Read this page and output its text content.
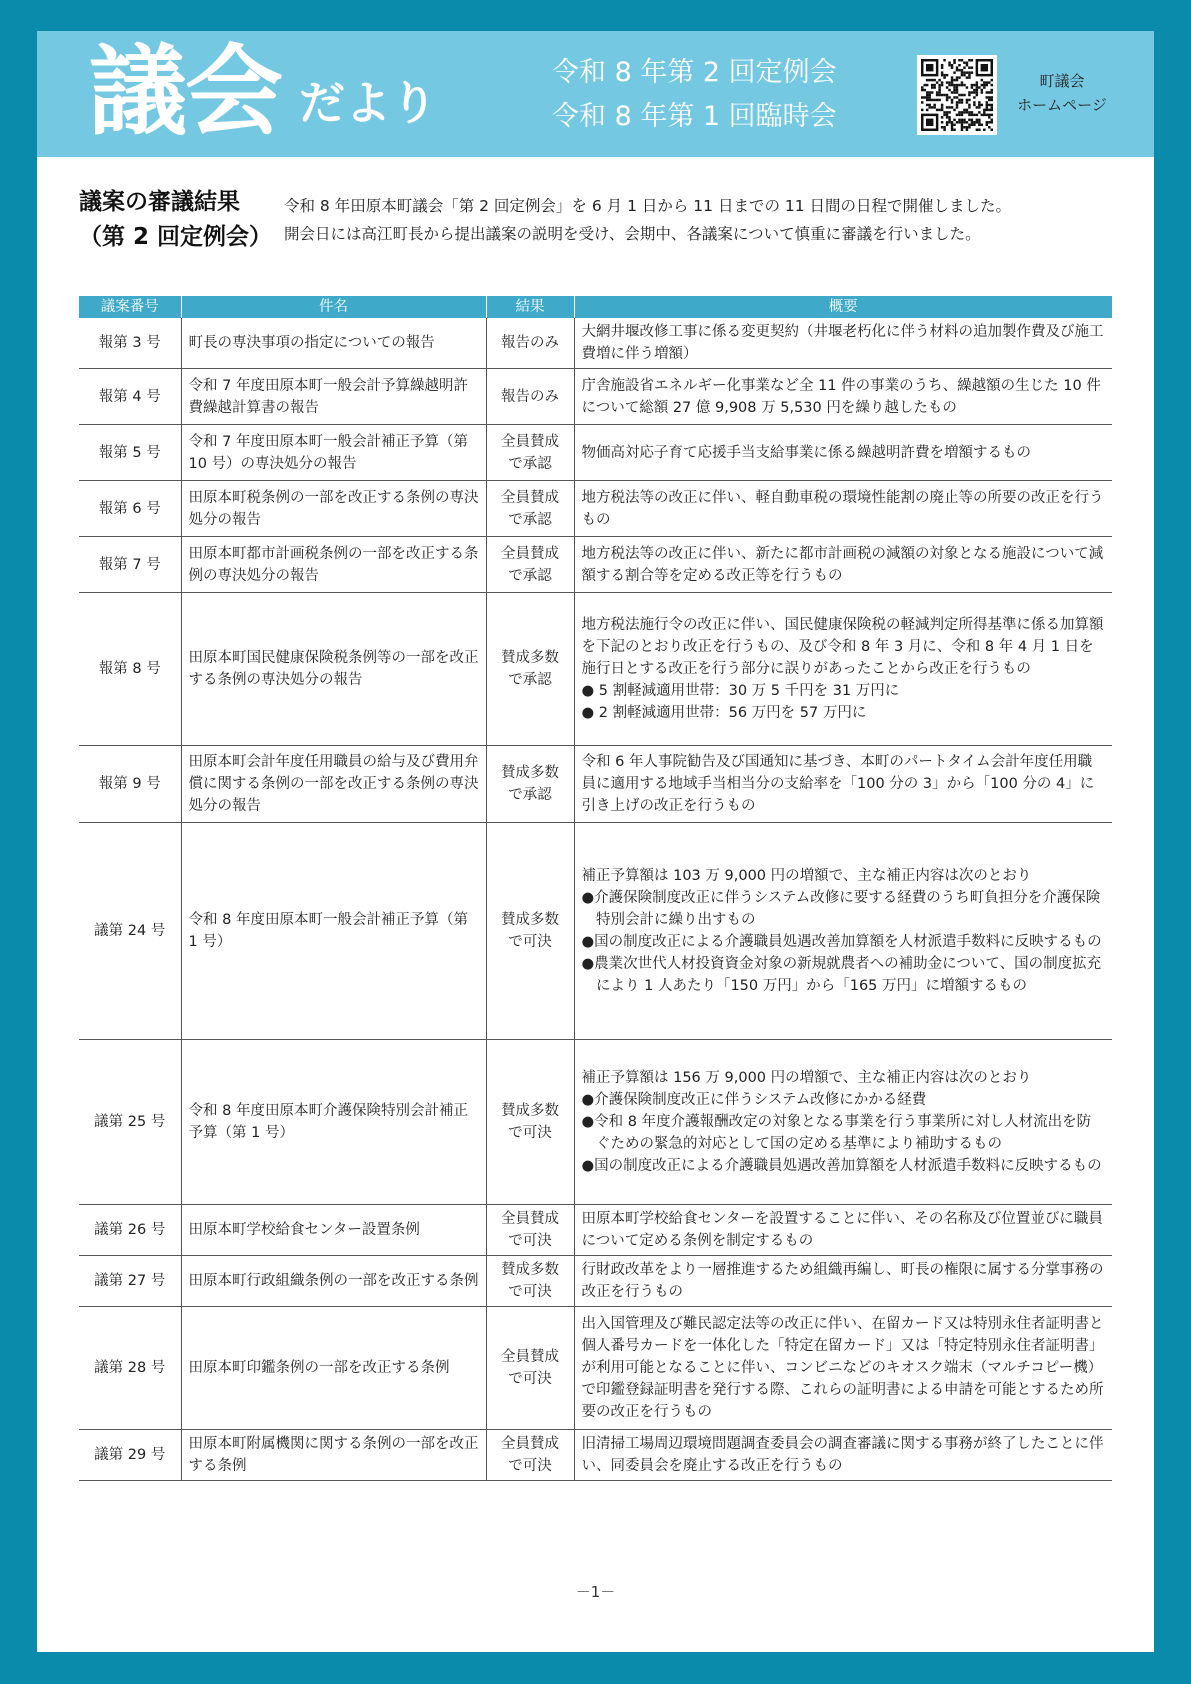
議会 だより
令和 8 年第 2 回定例会
令和 8 年第 1 回臨時会
町議会
ホームページ
議案の審議結果
（第 2 回定例会）
令和 8 年田原本町議会「第 2 回定例会」を 6 月 1 日から 11 日までの 11 日間の日程で開催しました。
開会日には高江町長から提出議案の説明を受け、会期中、各議案について慎重に審議を行いました。
議案番号	件名	結果	概要
報第 3 号	町長の専決事項の指定についての報告	報告のみ	大網井堰改修工事に係る変更契約（井堰老朽化に伴う材料の追加製作費及び施工費増に伴う増額）

報第 4 号	令和 7 年度田原本町一般会計予算繰越明許費繰越計算書の報告	報告のみ	庁舎施設省エネルギー化事業など全 11 件の事業のうち、繰越額の生じた 10 件について総額 27 億 9,908 万 5,530 円を繰り越したもの

報第 5 号	令和 7 年度田原本町一般会計補正予算（第 10 号）の専決処分の報告	全員賛成で承認	物価高対応子育て応援手当支給事業に係る繰越明許費を増額するもの

報第 6 号	田原本町税条例の一部を改正する条例の専決処分の報告	全員賛成で承認	地方税法等の改正に伴い、軽自動車税の環境性能割の廃止等の所要の改正を行うもの

報第 7 号	田原本町都市計画税条例の一部を改正する条例の専決処分の報告	全員賛成で承認	地方税法等の改正に伴い、新たに都市計画税の減額の対象となる施設について減額する割合等を定める改正等を行うもの

報第 8 号	田原本町国民健康保険税条例等の一部を改正する条例の専決処分の報告	賛成多数で承認	地方税法施行令の改正に伴い、国民健康保険税の軽減判定所得基準に係る加算額を下記のとおり改正を行うもの、及び令和 8 年 3 月に、令和 8 年 4 月 1 日を施行日とする改正を行う部分に誤りがあったことから改正を行うもの
● 5 割軽減適用世帯：30 万 5 千円を 31 万円に
● 2 割軽減適用世帯：56 万円を 57 万円に

報第 9 号	田原本町会計年度任用職員の給与及び費用弁償に関する条例の一部を改正する条例の専決処分の報告	賛成多数で承認	令和 6 年人事院勧告及び国通知に基づき、本町のパートタイム会計年度任用職員に適用する地域手当相当分の支給率を「100 分の 3」から「100 分の 4」に引き上げの改正を行うもの

議第 24 号	令和 8 年度田原本町一般会計補正予算（第 1 号）	賛成多数で可決	補正予算額は 103 万 9,000 円の増額で、主な補正内容は次のとおり
●介護保険制度改正に伴うシステム改修に要する経費のうち町負担分を介護保険特別会計に繰り出すもの
●国の制度改正による介護職員処遇改善加算額を人材派遣手数料に反映するもの
●農業次世代人材投資資金対象の新規就農者への補助金について、国の制度拡充により 1 人あたり「150 万円」から「165 万円」に増額するもの

議第 25 号	令和 8 年度田原本町介護保険特別会計補正予算（第 1 号）	賛成多数で可決	補正予算額は 156 万 9,000 円の増額で、主な補正内容は次のとおり
●介護保険制度改正に伴うシステム改修にかかる経費
●令和 8 年度介護報酬改定の対象となる事業を行う事業所に対し人材流出を防ぐための緊急的対応として国の定める基準により補助するもの
●国の制度改正による介護職員処遇改善加算額を人材派遣手数料に反映するもの

議第 26 号	田原本町学校給食センター設置条例	全員賛成で可決	田原本町学校給食センターを設置することに伴い、その名称及び位置並びに職員について定める条例を制定するもの

議第 27 号	田原本町行政組織条例の一部を改正する条例	賛成多数で可決	行財政改革をより一層推進するため組織再編し、町長の権限に属する分掌事務の改正を行うもの

議第 28 号	田原本町印鑑条例の一部を改正する条例	全員賛成で可決	出入国管理及び難民認定法等の改正に伴い、在留カード又は特別永住者証明書と個人番号カードを一体化した「特定在留カード」又は「特定特別永住者証明書」が利用可能となることに伴い、コンビニなどのキオスク端末（マルチコピー機）で印鑑登録証明書を発行する際、これらの証明書による申請を可能とするため所要の改正を行うもの

議第 29 号	田原本町附属機関に関する条例の一部を改正する条例	全員賛成で可決	旧清掃工場周辺環境問題調査委員会の調査審議に関する事務が終了したことに伴い、同委員会を廃止する改正を行うもの
－1－
